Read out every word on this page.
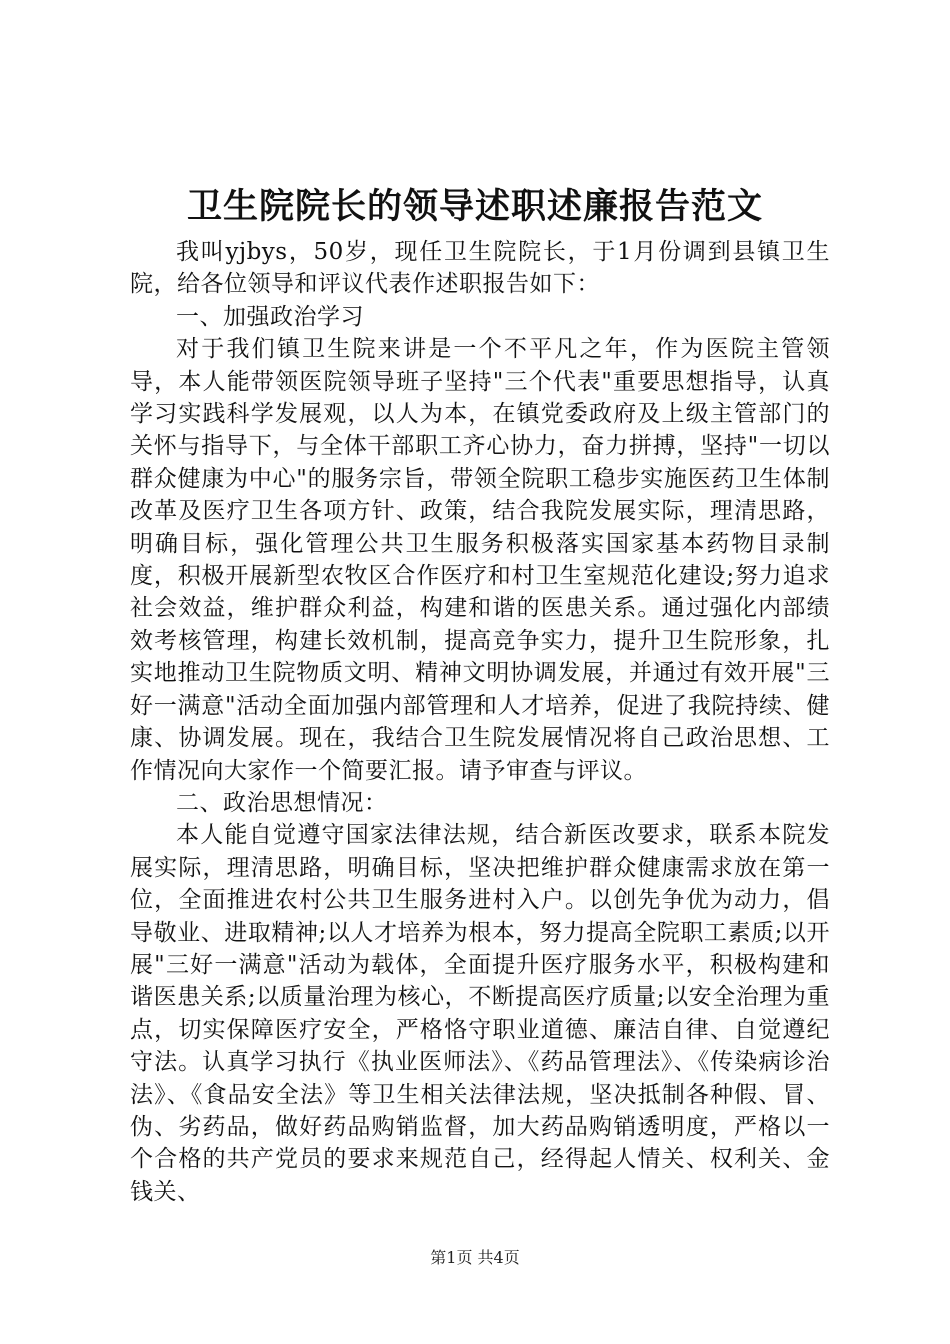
卫生院院长的领导述职述廉报告范文

我叫yjbys，50岁，现任卫生院院长，于1月份调到县镇卫生院，给各位领导和评议代表作述职报告如下：

一、加强政治学习

对于我们镇卫生院来讲是一个不平凡之年，作为医院主管领导，本人能带领医院领导班子坚持"三个代表"重要思想指导，认真学习实践科学发展观，以人为本，在镇党委政府及上级主管部门的关怀与指导下，与全体干部职工齐心协力，奋力拼搏，坚持"一切以群众健康为中心"的服务宗旨，带领全院职工稳步实施医药卫生体制改革及医疗卫生各项方针、政策，结合我院发展实际，理清思路，明确目标，强化管理公共卫生服务积极落实国家基本药物目录制度，积极开展新型农牧区合作医疗和村卫生室规范化建设;努力追求社会效益，维护群众利益，构建和谐的医患关系。通过强化内部绩效考核管理，构建长效机制，提高竞争实力，提升卫生院形象，扎实地推动卫生院物质文明、精神文明协调发展，并通过有效开展"三好一满意"活动全面加强内部管理和人才培养，促进了我院持续、健康、协调发展。现在，我结合卫生院发展情况将自己政治思想、工作情况向大家作一个简要汇报。请予审查与评议。

二、政治思想情况：

本人能自觉遵守国家法律法规，结合新医改要求，联系本院发展实际，理清思路，明确目标，坚决把维护群众健康需求放在第一位，全面推进农村公共卫生服务进村入户。以创先争优为动力，倡导敬业、进取精神;以人才培养为根本，努力提高全院职工素质;以开展"三好一满意"活动为载体，全面提升医疗服务水平，积极构建和谐医患关系;以质量治理为核心，不断提高医疗质量;以安全治理为重点，切实保障医疗安全，严格恪守职业道德、廉洁自律、自觉遵纪守法。认真学习执行《执业医师法》、《药品管理法》、《传染病诊治法》、《食品安全法》等卫生相关法律法规，坚决抵制各种假、冒、伪、劣药品，做好药品购销监督，加大药品购销透明度，严格以一个合格的共产党员的要求来规范自己，经得起人情关、权利关、金钱关、

第1页 共4页
